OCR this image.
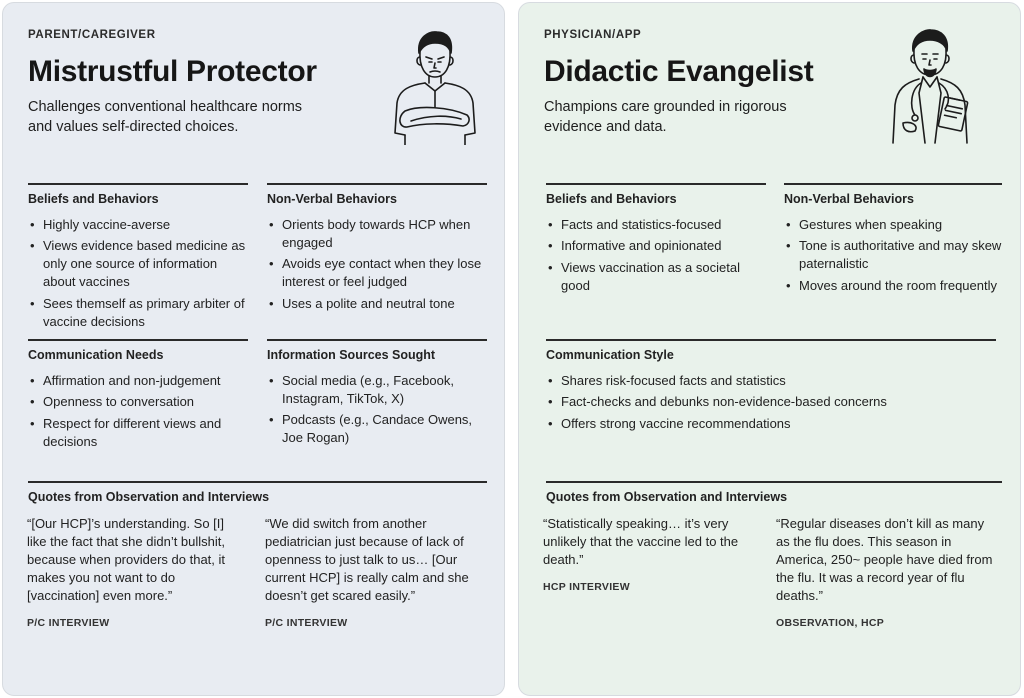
PARENT/CAREGIVER
Mistrustful Protector
Challenges conventional healthcare norms and values self-directed choices.
Beliefs and Behaviors
• Highly vaccine-averse
• Views evidence based medicine as only one source of information about vaccines
• Sees themself as primary arbiter of vaccine decisions
Non-Verbal Behaviors
• Orients body towards HCP when engaged
• Avoids eye contact when they lose interest or feel judged
• Uses a polite and neutral tone
Communication Needs
• Affirmation and non-judgement
• Openness to conversation
• Respect for different views and decisions
Information Sources Sought
• Social media (e.g., Facebook, Instagram, TikTok, X)
• Podcasts (e.g., Candace Owens, Joe Rogan)
Quotes from Observation and Interviews
“[Our HCP]’s understanding. So [I] like the fact that she didn’t bullshit, because when providers do that, it makes you not want to do [vaccination] even more.”
P/C INTERVIEW
“We did switch from another pediatrician just because of lack of openness to just talk to us… [Our current HCP] is really calm and she doesn’t get scared easily.”
P/C INTERVIEW
PHYSICIAN/APP
Didactic Evangelist
Champions care grounded in rigorous evidence and data.
Beliefs and Behaviors
• Facts and statistics-focused
• Informative and opinionated
• Views vaccination as a societal good
Non-Verbal Behaviors
• Gestures when speaking
• Tone is authoritative and may skew paternalistic
• Moves around the room frequently
Communication Style
• Shares risk-focused facts and statistics
• Fact-checks and debunks non-evidence-based concerns
• Offers strong vaccine recommendations
Quotes from Observation and Interviews
“Statistically speaking… it’s very unlikely that the vaccine led to the death.”
HCP INTERVIEW
“Regular diseases don’t kill as many as the flu does. This season in America, 250~ people have died from the flu. It was a record year of flu deaths.”
OBSERVATION, HCP
